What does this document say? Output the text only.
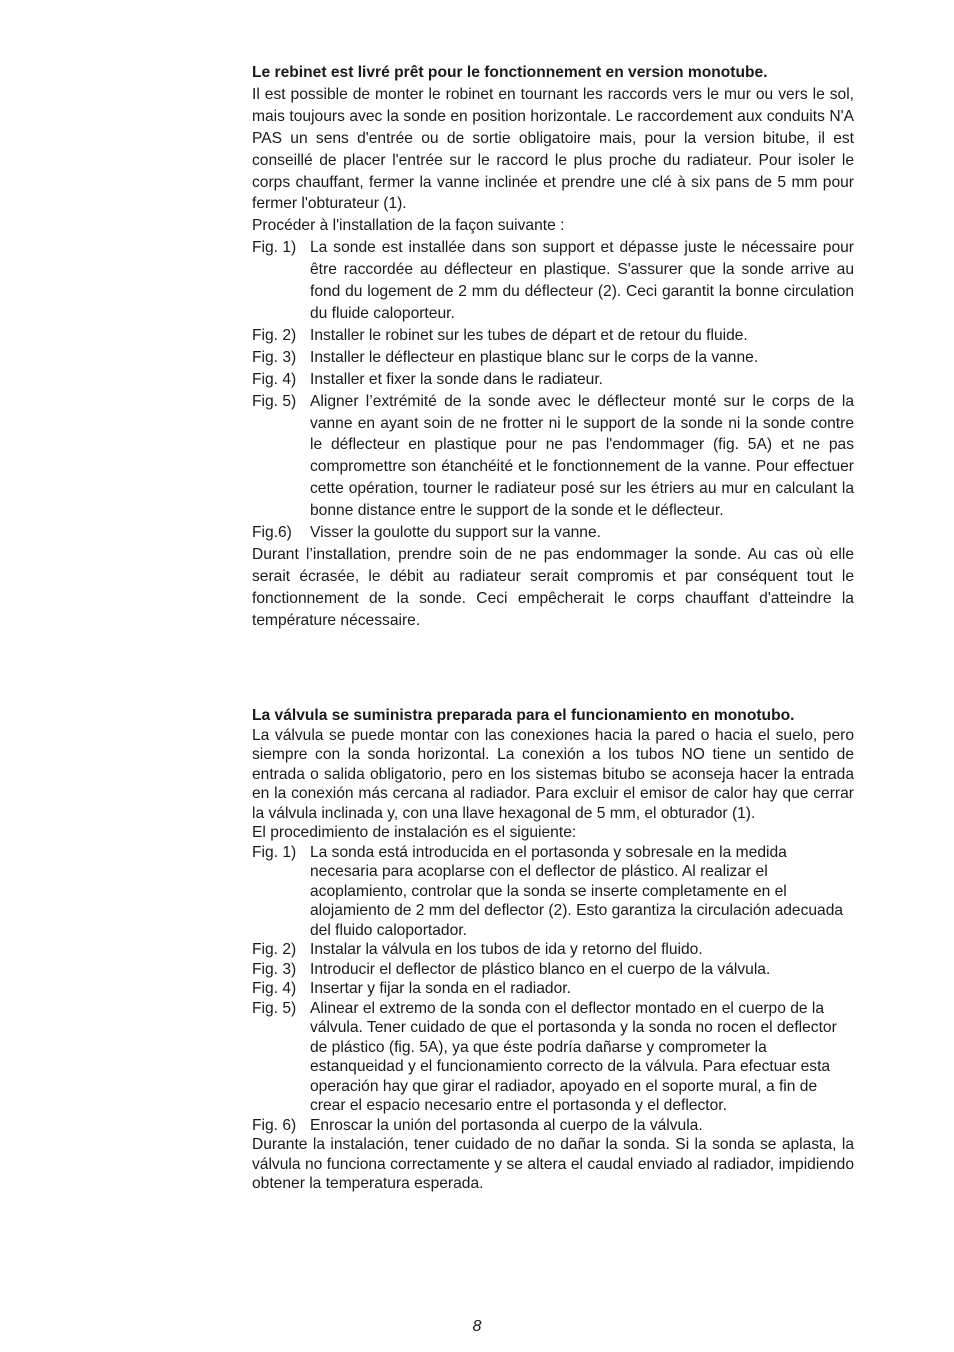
Le rebinet est livré prêt pour le fonctionnement en version monotube.
Il est possible de monter le robinet en tournant les raccords vers le mur ou vers le sol, mais toujours avec la sonde en position horizontale. Le raccordement aux conduits N'A PAS un sens d'entrée ou de sortie obligatoire mais, pour la version bitube, il est conseillé de placer l'entrée sur le raccord le plus proche du radiateur. Pour isoler le corps chauffant, fermer la vanne inclinée et prendre une clé à six pans de 5 mm pour fermer l'obturateur (1).
Procéder à l'installation de la façon suivante :
Fig. 1) La sonde est installée dans son support et dépasse juste le nécessaire pour être raccordée au déflecteur en plastique. S'assurer que la sonde arrive au fond du logement de 2 mm du déflecteur (2). Ceci garantit la bonne circulation du fluide caloporteur.
Fig. 2) Installer le robinet sur les tubes de départ et de retour du fluide.
Fig. 3) Installer le déflecteur en plastique blanc sur le corps de la vanne.
Fig. 4) Installer et fixer la sonde dans le radiateur.
Fig. 5) Aligner l’extrémité de la sonde avec le déflecteur monté sur le corps de la vanne en ayant soin de ne frotter ni le support de la sonde ni la sonde contre le déflecteur en plastique pour ne pas l'endommager (fig. 5A) et ne pas compromettre son étanchéité et le fonctionnement de la vanne. Pour effectuer cette opération, tourner le radiateur posé sur les étriers au mur en calculant la bonne distance entre le support de la sonde et le déflecteur.
Fig.6)	Visser la goulotte du support sur la vanne.
Durant l’installation, prendre soin de ne pas endommager la sonde. Au cas où elle serait écrasée, le débit au radiateur serait compromis et par conséquent tout le fonctionnement de la sonde. Ceci empêcherait le corps chauffant d'atteindre la température nécessaire.
La válvula se suministra preparada para el funcionamiento en monotubo.
La válvula se puede montar con las conexiones hacia la pared o hacia el suelo, pero siempre con la sonda horizontal. La conexión a los tubos NO tiene un sentido de entrada o salida obligatorio, pero en los sistemas bitubo se aconseja hacer la entrada en la conexión más cercana al radiador. Para excluir el emisor de calor hay que cerrar la válvula inclinada y, con una llave hexagonal de 5 mm, el obturador (1).
El procedimiento de instalación es el siguiente:
Fig. 1) La sonda está introducida en el portasonda y sobresale en la medida necesaria para acoplarse con el deflector de plástico. Al realizar el acoplamiento, controlar que la sonda se inserte completamente en el alojamiento de 2 mm del deflector (2). Esto garantiza la circulación adecuada del fluido caloportador.
Fig. 2) Instalar la válvula en los tubos de ida y retorno del fluido.
Fig. 3) Introducir el deflector de plástico blanco en el cuerpo de la válvula.
Fig. 4) Insertar y fijar la sonda en el radiador.
Fig. 5) Alinear el extremo de la sonda con el deflector montado en el cuerpo de la válvula. Tener cuidado de que el portasonda y la sonda no rocen el deflector de plástico (fig. 5A), ya que éste podría dañarse y comprometer la estanqueidad y el funcionamiento correcto de la válvula. Para efectuar esta operación hay que girar el radiador, apoyado en el soporte mural, a fin de crear el espacio necesario entre el portasonda y el deflector.
Fig. 6) Enroscar la unión del portasonda al cuerpo de la válvula.
Durante la instalación, tener cuidado de no dañar la sonda. Si la sonda se aplasta, la válvula no funciona correctamente y se altera el caudal enviado al radiador, impidiendo obtener la temperatura esperada.
8
